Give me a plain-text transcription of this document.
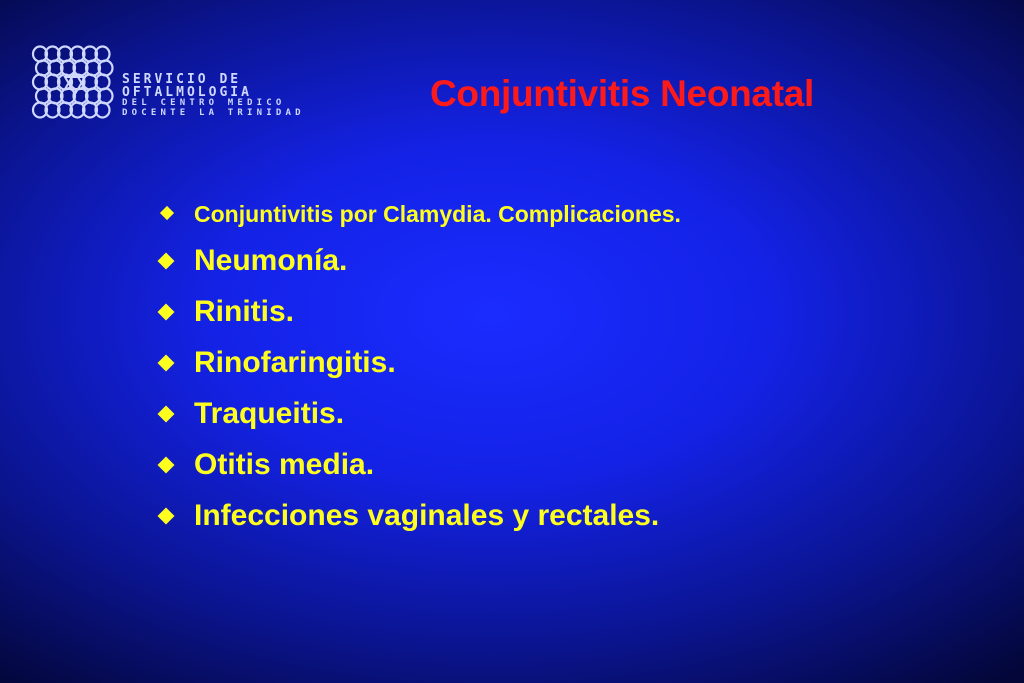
SERVICIO DE
OFTALMOLOGIA
DEL CENTRO MEDICO
DOCENTE LA TRINIDAD	Conjuntivitis Neonatal
Conjuntivitis por Clamydia. Complicaciones.
Neumonía.
Rinitis.
Rinofaringitis.
Traqueitis.
Otitis media.
Infecciones vaginales y rectales.
